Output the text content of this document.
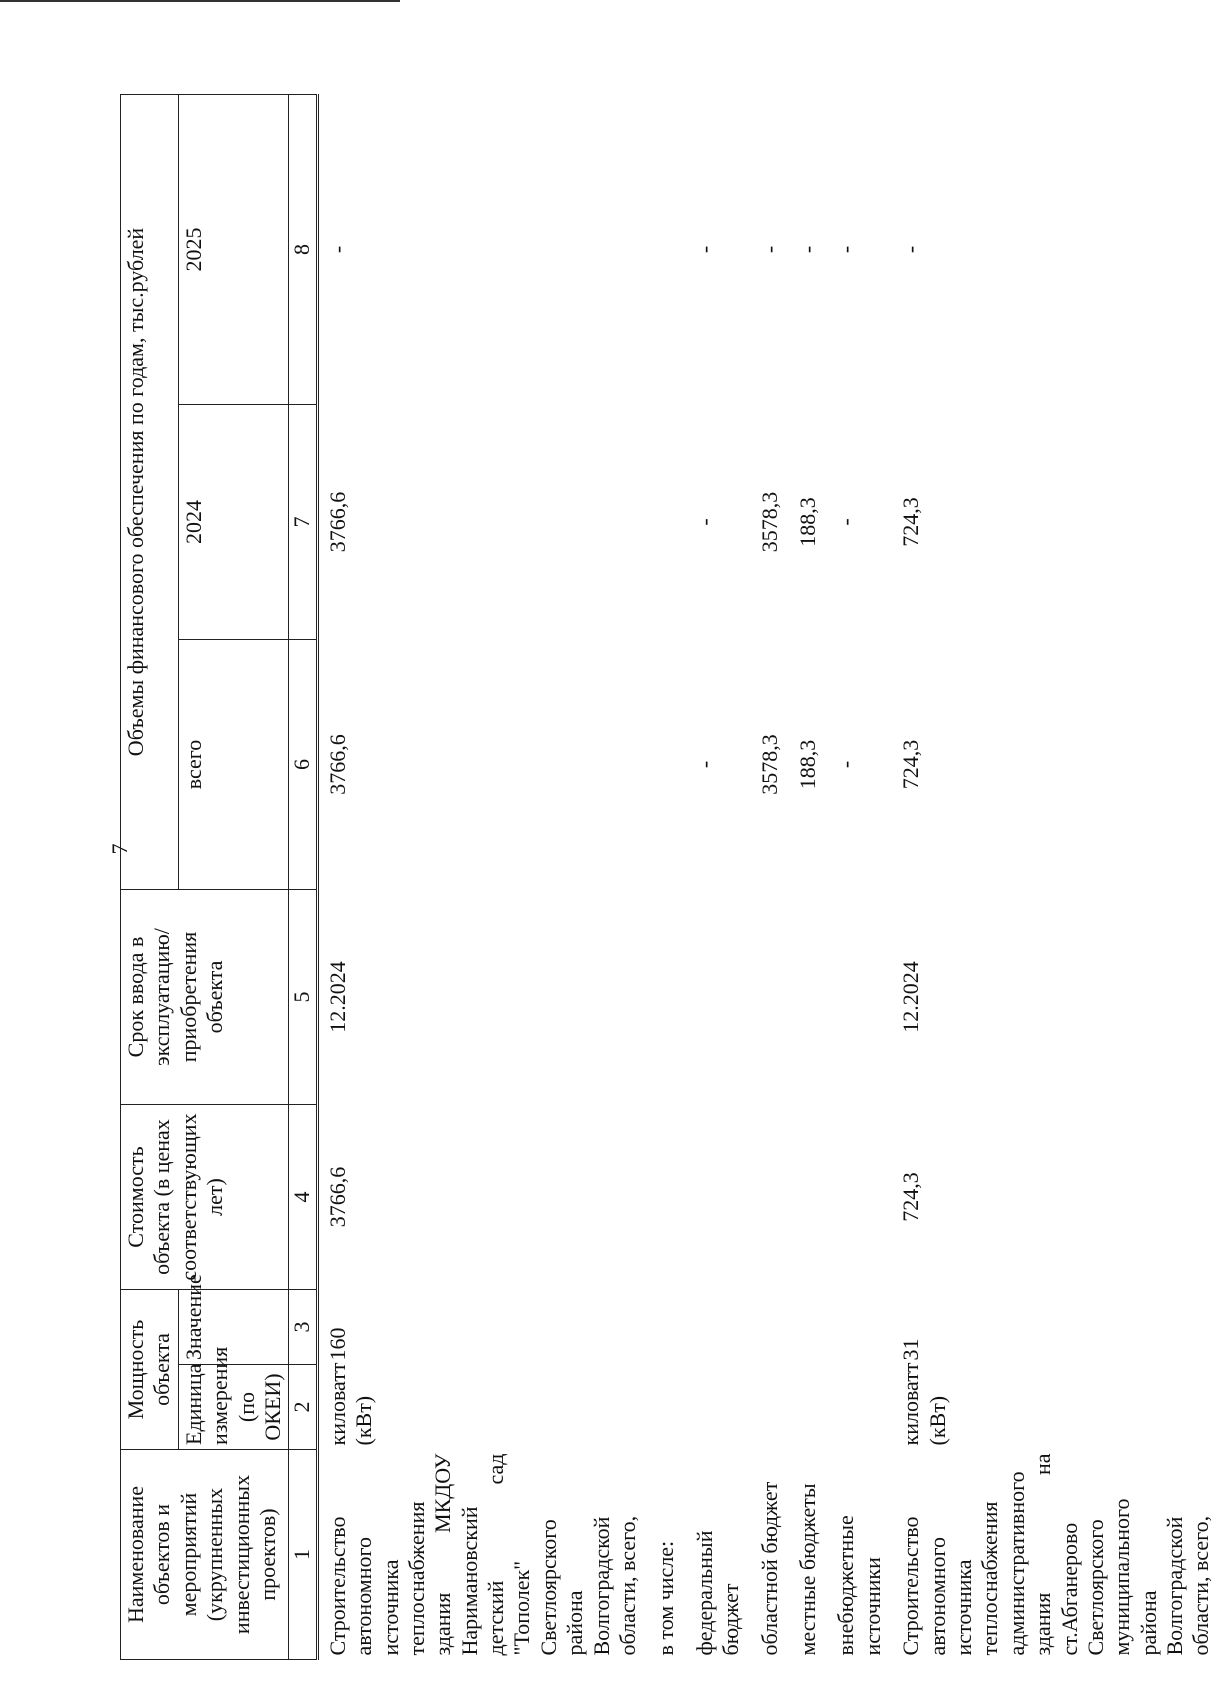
7
Наименование объектов и мероприятий (укрупненных инвестиционных проектов)	Мощность объекта		Стоимость объекта (в ценах соответствующих лет)	Срок ввода в эксплуатацию/ приобретения объекта	Объемы финансового обеспечения по годам, тыс.рублей		
	Единица измерения (по ОКЕИ)	Значение			всего	2024	2025
1	2	3	4	5	6	7	8
Строительство автономного источника теплоснабжения здания МКДОУ Наримановский детский сад "Тополек" Светлоярского района Волгоградской области, всего,	киловатт (кВт)	160	3766,6	12.2024	3766,6	3766,6	-
в том числе:							
федеральный бюджет					-	-	-
областной бюджет					3578,3	3578,3	-
местные бюджеты					188,3	188,3	-
внебюджетные источники					-	-	-
Строительство автономного источника теплоснабжения административного здания на ст.Абганерово Светлоярского муниципального района Волгоградской области, всего,	киловатт (кВт)	31	724,3	12.2024	724,3	724,3	-
